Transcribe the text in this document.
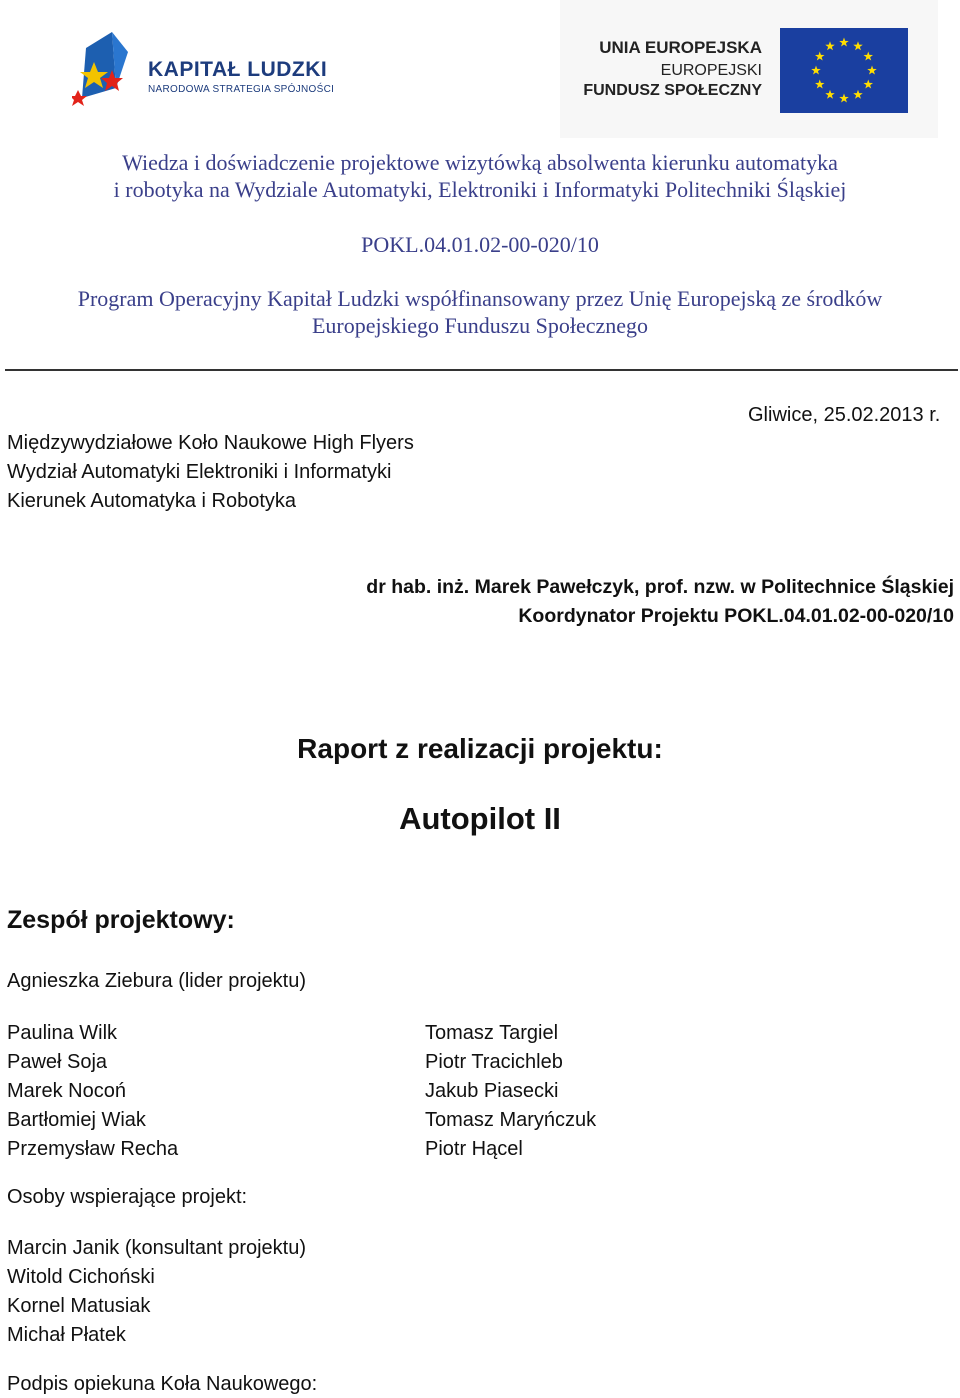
KAPITAŁ LUDZKI
NARODOWA STRATEGIA SPÓJNOŚCI
UNIA EUROPEJSKA
EUROPEJSKI
FUNDUSZ SPOŁECZNY
Wiedza i doświadczenie projektowe wizytówką absolwenta kierunku automatyka
i robotyka na Wydziale Automatyki, Elektroniki i Informatyki Politechniki Śląskiej
POKL.04.01.02-00-020/10
Program Operacyjny Kapitał Ludzki współfinansowany przez Unię Europejską ze środków
Europejskiego Funduszu Społecznego
Gliwice, 25.02.2013 r.
Międzywydziałowe Koło Naukowe High Flyers
Wydział Automatyki Elektroniki i Informatyki
Kierunek Automatyka i Robotyka
dr hab. inż. Marek Pawełczyk, prof. nzw. w Politechnice Śląskiej
Koordynator Projektu POKL.04.01.02-00-020/10
Raport z realizacji projektu:
Autopilot II
Zespół projektowy:
Agnieszka Ziebura (lider projektu)
Paulina Wilk
Paweł Soja
Marek Nocoń
Bartłomiej Wiak
Przemysław Recha
Tomasz Targiel
Piotr Tracichleb
Jakub Piasecki
Tomasz Maryńczuk
Piotr Hącel
Osoby wspierające projekt:
Marcin Janik (konsultant projektu)
Witold Cichoński
Kornel Matusiak
Michał Płatek
Podpis opiekuna Koła Naukowego:
